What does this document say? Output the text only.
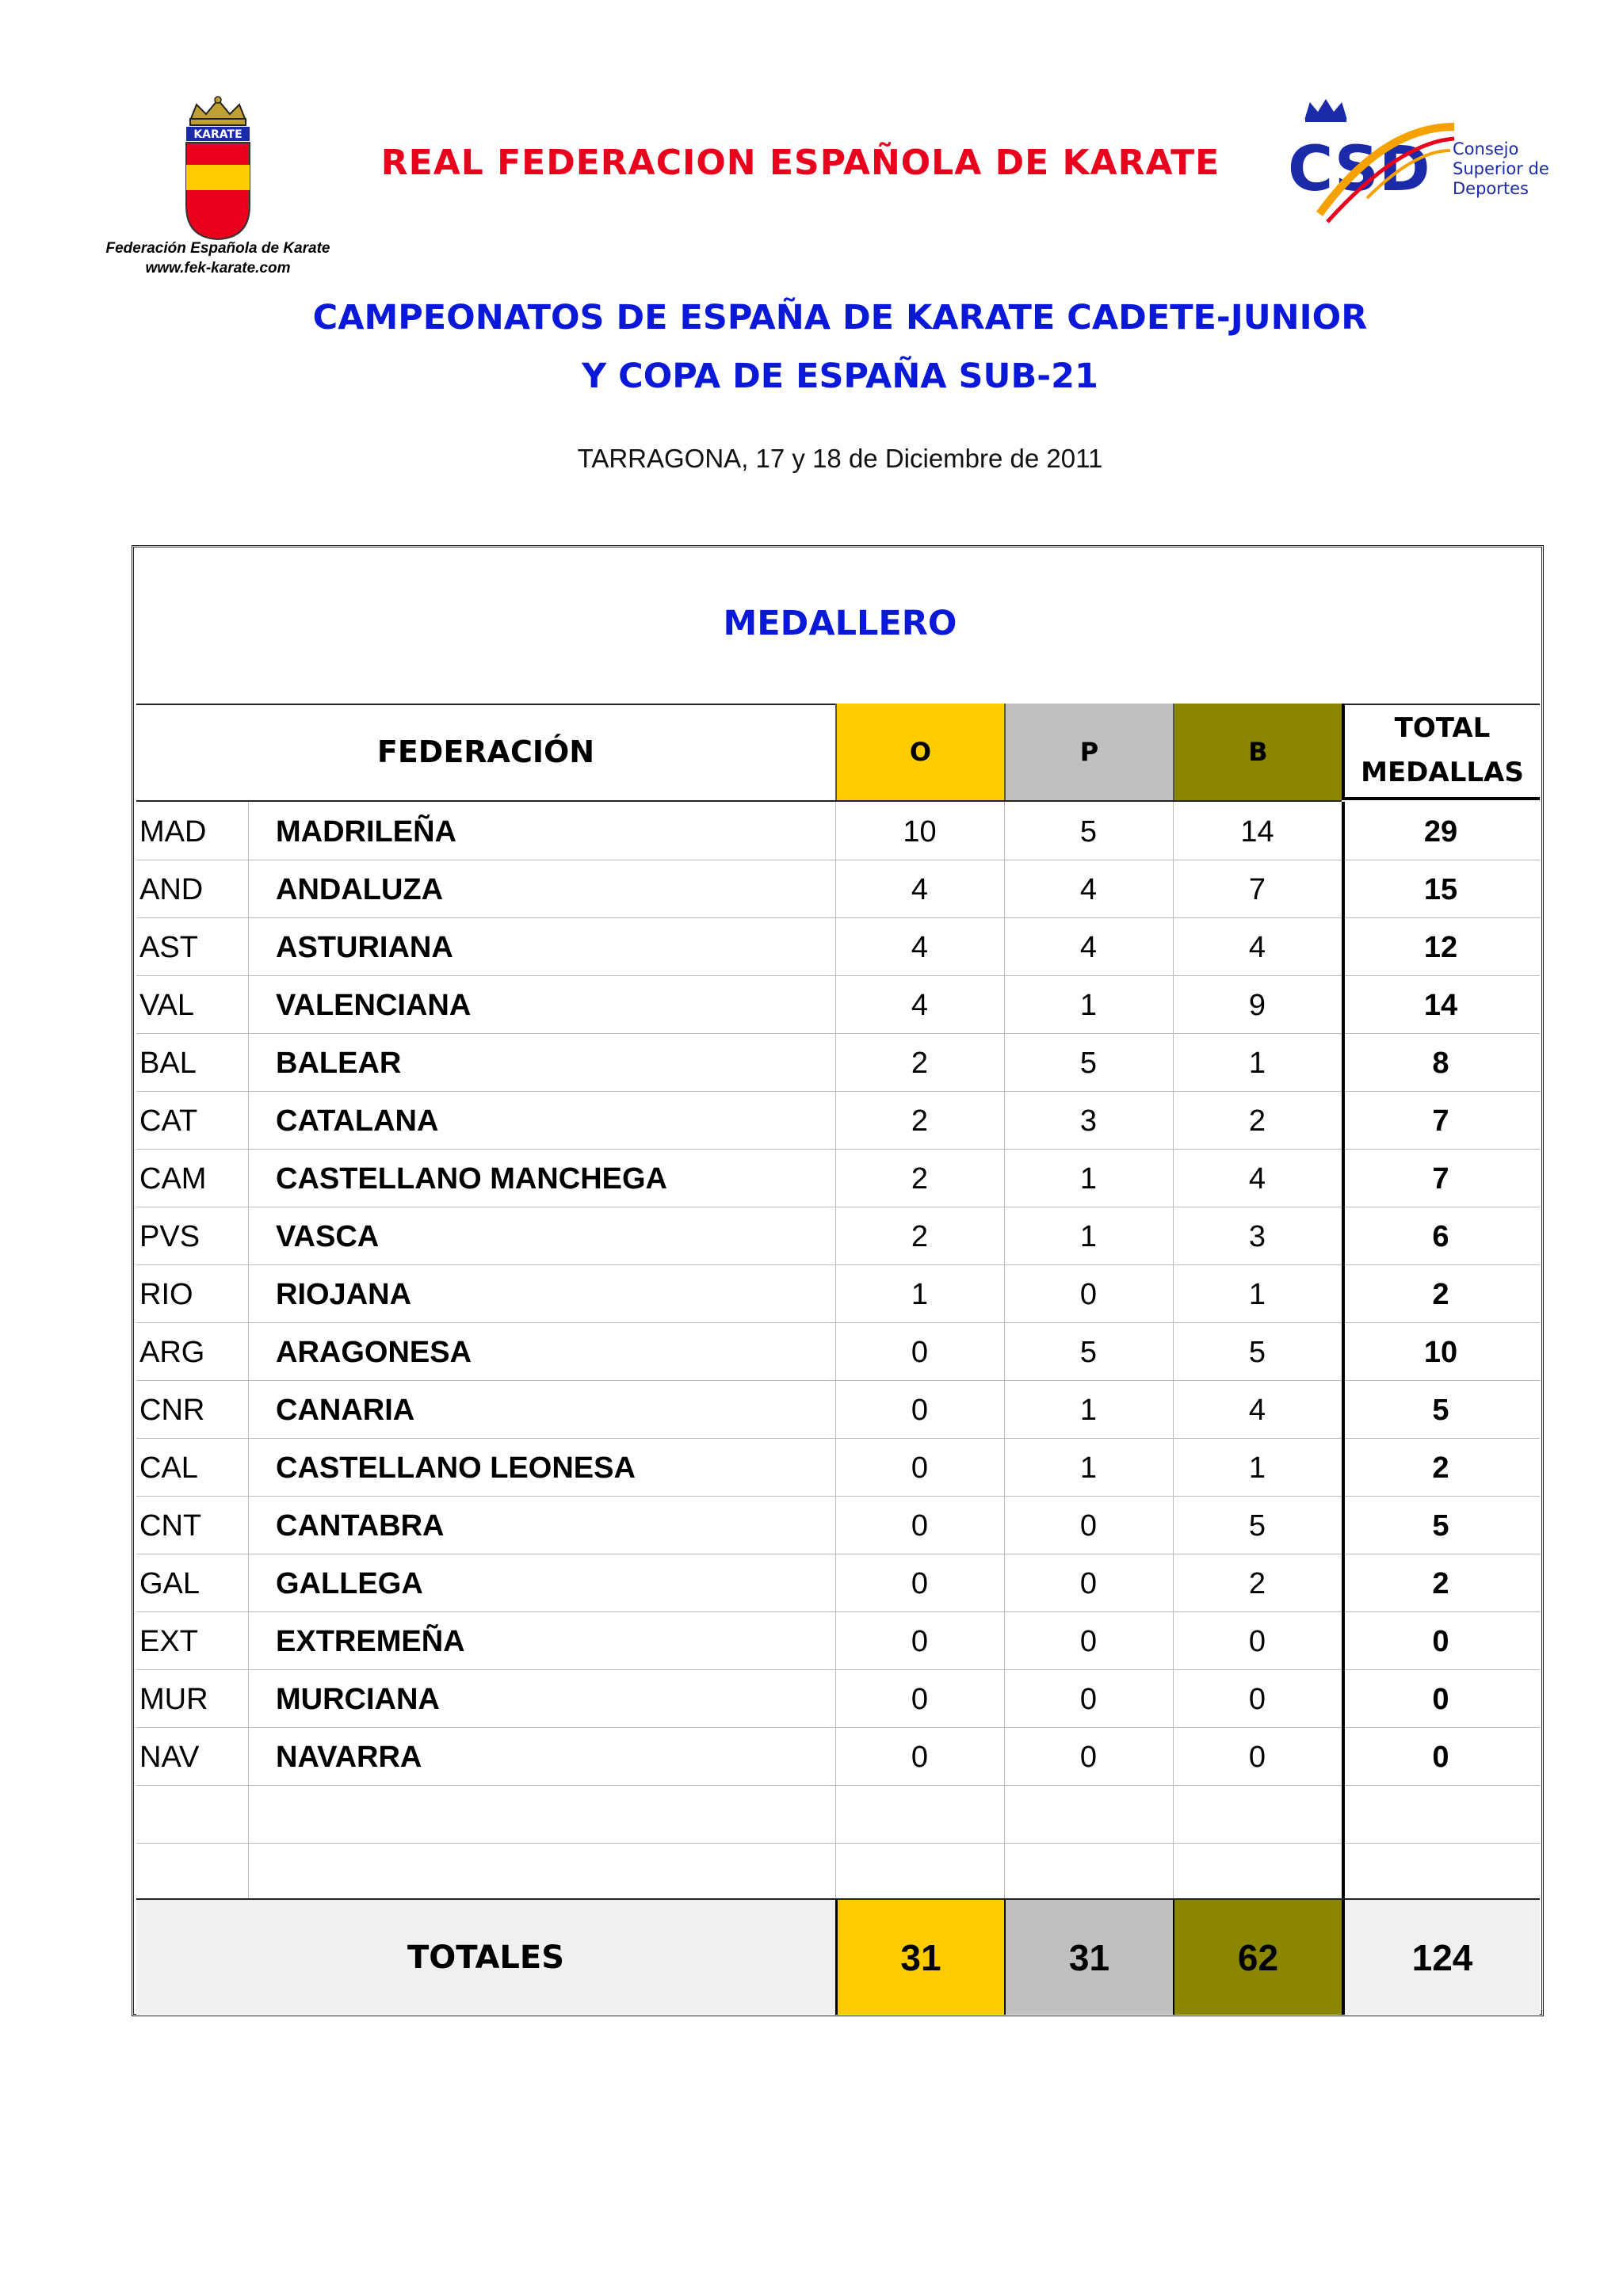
KARATE
Federación Española de Karate
www.fek-karate.com
REAL FEDERACION ESPAÑOLA DE KARATE	CSD Consejo
Superior de
Deportes
CAMPEONATOS DE ESPAÑA DE KARATE CADETE-JUNIOR
Y COPA DE ESPAÑA SUB-21
TARRAGONA, 17 y 18 de Diciembre de 2011
MEDALLERO
FEDERACIÓN	O	P	B
TOTAL
MEDALLAS
MAD MADRILEÑA	10	5	14	29
AND ANDALUZA	4	4	7	15
AST	ASTURIANA	4	4	4	12
VAL	VALENCIANA	4	1	9	14
BAL	BALEAR	2	5	1	8
CAT	CATALANA	2	3	2	7
CAM CASTELLANO MANCHEGA	2	1	4	7
PVS	VASCA	2	1	3	6
RIO	RIOJANA	1	0	1	2
ARG ARAGONESA	0	5	5	10
CNR CANARIA	0	1	4	5
CAL	CASTELLANO LEONESA	0	1	1	2
CNT CANTABRA	0	0	5	5
GAL	GALLEGA	0	0	2	2
EXT	EXTREMEÑA	0	0	0	0
MUR MURCIANA	0	0	0	0
NAV	NAVARRA	0	0	0	0
TOTALES	31	31	62	124
